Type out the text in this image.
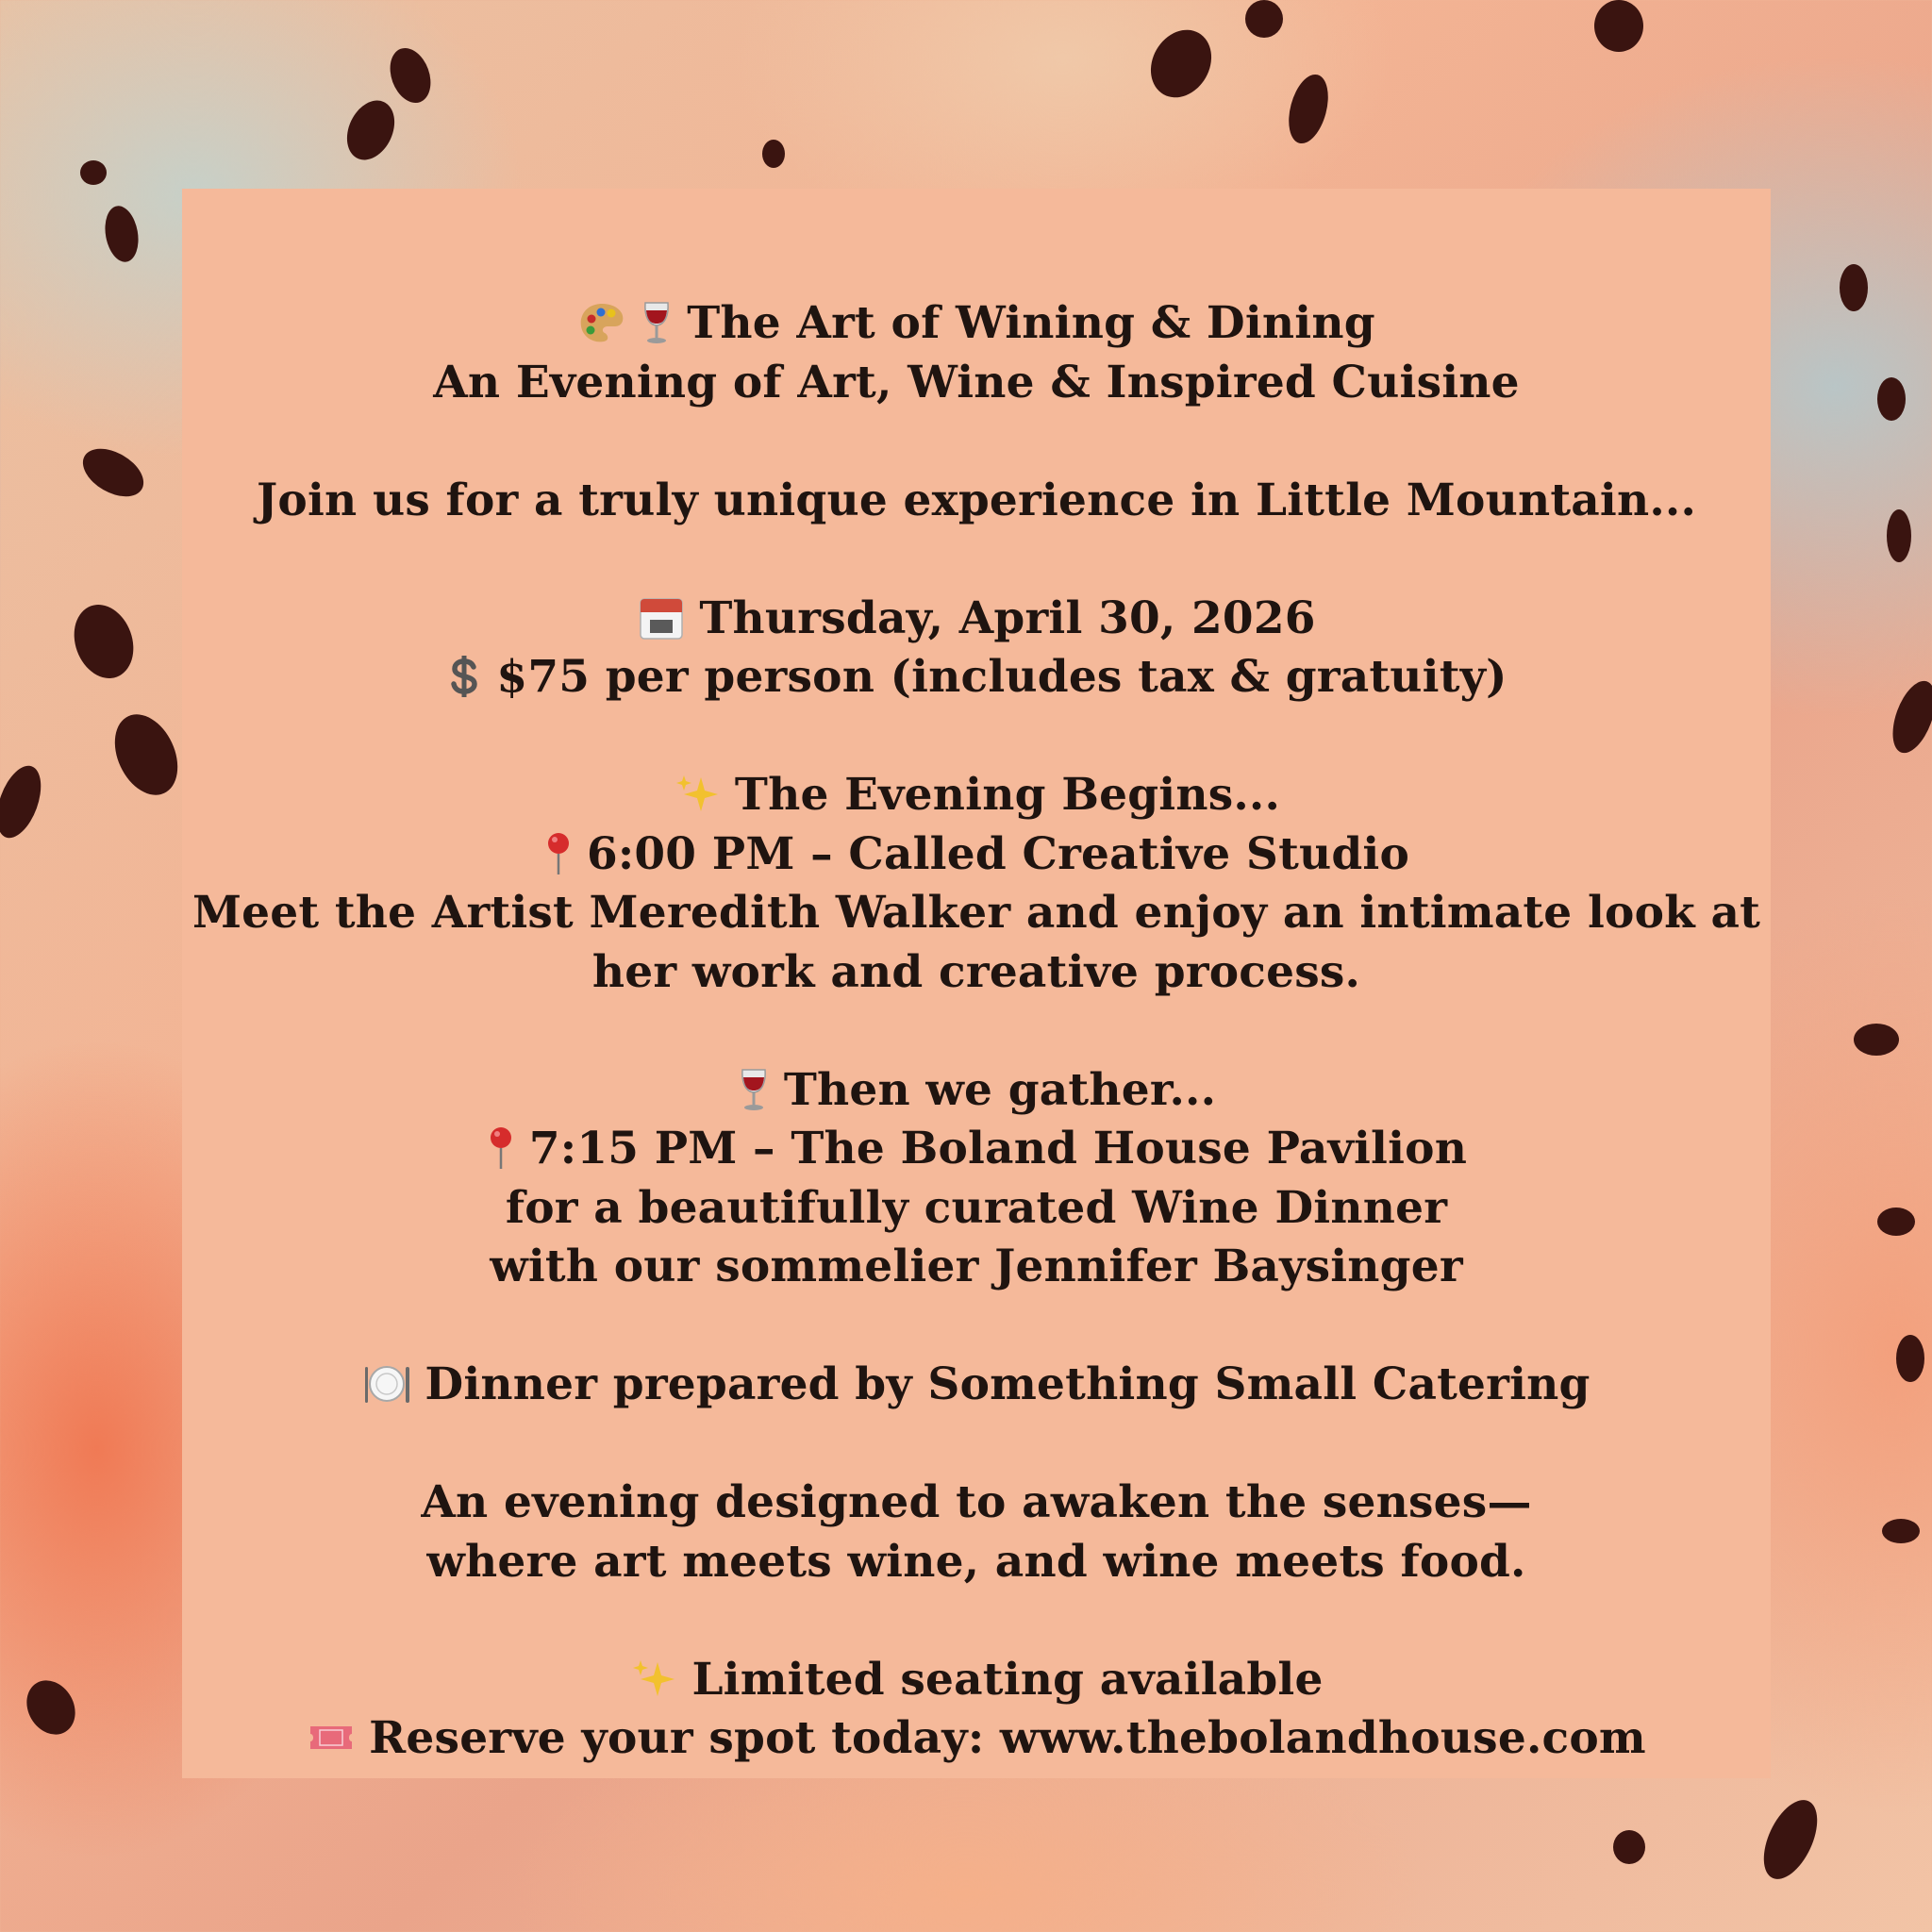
The Art of Wining & Dining
An Evening of Art, Wine & Inspired Cuisine
Join us for a truly unique experience in Little Mountain...
Thursday, April 30, 2026
$75 per person (includes tax & gratuity)
The Evening Begins...
6:00 PM – Called Creative Studio
Meet the Artist Meredith Walker and enjoy an intimate look at
her work and creative process.
Then we gather...
7:15 PM – The Boland House Pavilion
for a beautifully curated Wine Dinner
with our sommelier Jennifer Baysinger
Dinner prepared by Something Small Catering
An evening designed to awaken the senses—
where art meets wine, and wine meets food.
Limited seating available
Reserve your spot today: www.thebolandhouse.com
